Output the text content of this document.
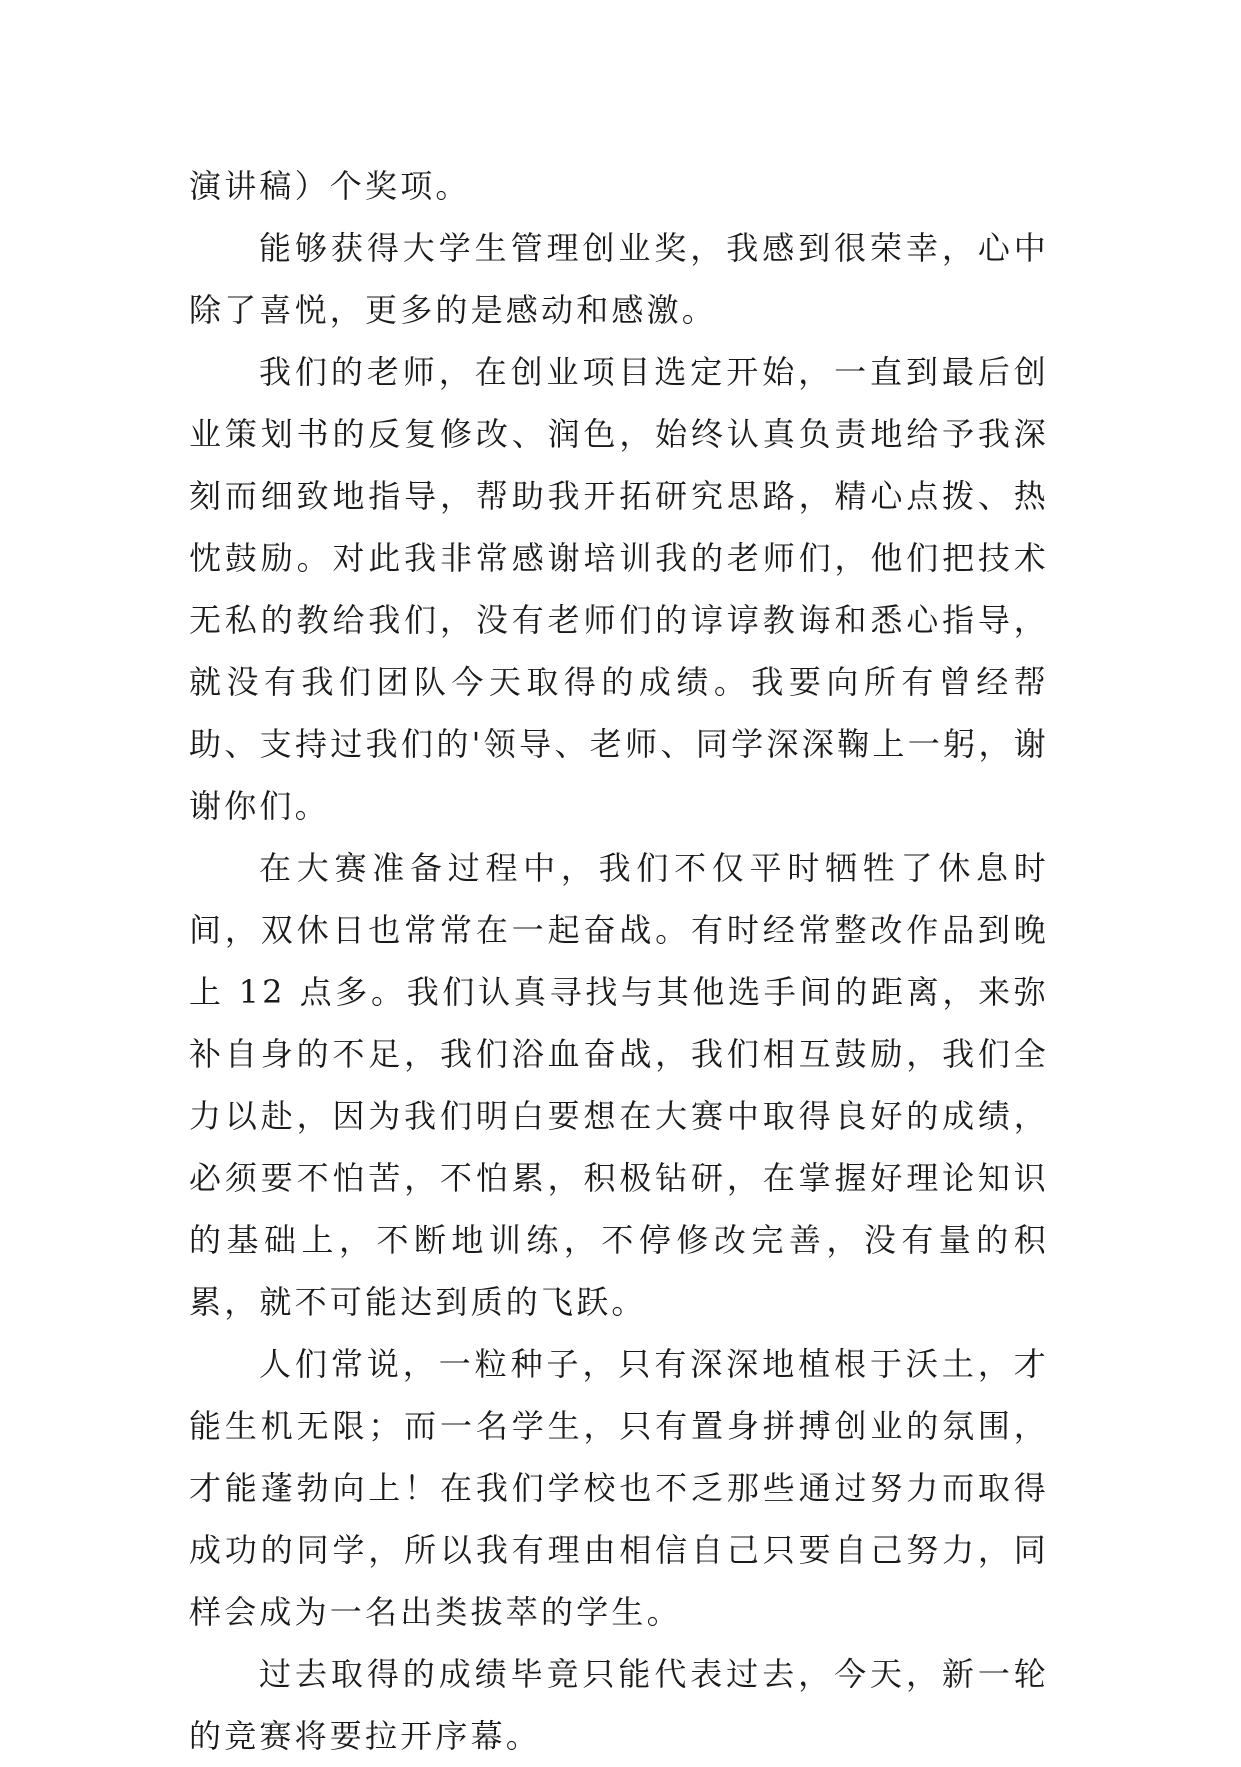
演讲稿）个奖项。

能够获得大学生管理创业奖，我感到很荣幸，心中除了喜悦，更多的是感动和感激。

我们的老师，在创业项目选定开始，一直到最后创业策划书的反复修改、润色，始终认真负责地给予我深刻而细致地指导，帮助我开拓研究思路，精心点拨、热忱鼓励。对此我非常感谢培训我的老师们，他们把技术无私的教给我们，没有老师们的谆谆教诲和悉心指导，就没有我们团队今天取得的成绩。我要向所有曾经帮助、支持过我们的'领导、老师、同学深深鞠上一躬，谢谢你们。

在大赛准备过程中，我们不仅平时牺牲了休息时间，双休日也常常在一起奋战。有时经常整改作品到晚上 12 点多。我们认真寻找与其他选手间的距离，来弥补自身的不足，我们浴血奋战，我们相互鼓励，我们全力以赴，因为我们明白要想在大赛中取得良好的成绩，必须要不怕苦，不怕累，积极钻研，在掌握好理论知识的基础上，不断地训练，不停修改完善，没有量的积累，就不可能达到质的飞跃。

人们常说，一粒种子，只有深深地植根于沃土，才能生机无限；而一名学生，只有置身拼搏创业的氛围，才能蓬勃向上！在我们学校也不乏那些通过努力而取得成功的同学，所以我有理由相信自己只要自己努力，同样会成为一名出类拔萃的学生。

过去取得的成绩毕竟只能代表过去，今天，新一轮的竞赛将要拉开序幕。
